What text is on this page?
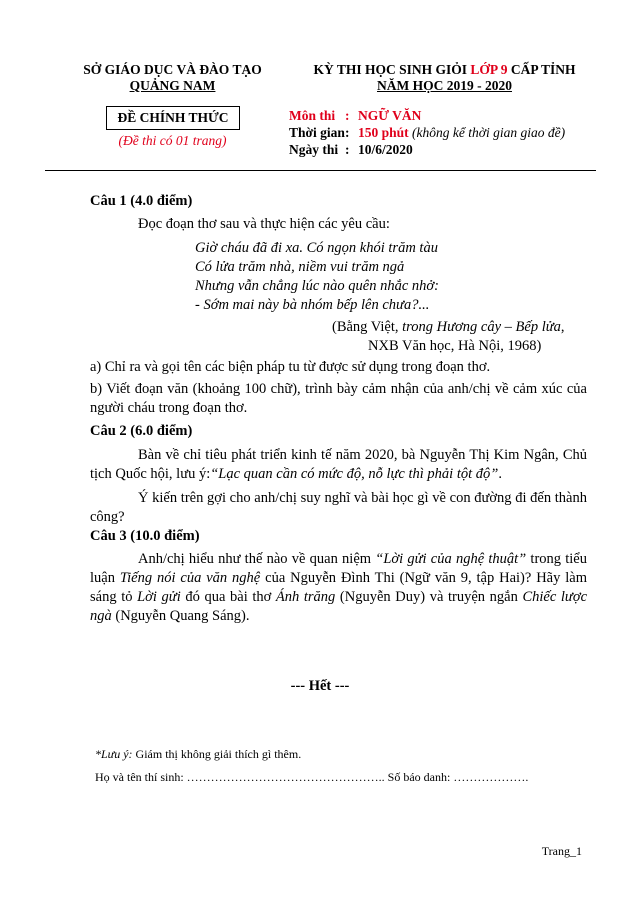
SỞ GIÁO DỤC VÀ ĐÀO TẠO
QUẢNG NAM
ĐỀ CHÍNH THỨC
(Đề thi có 01 trang)
KỲ THI HỌC SINH GIỎI LỚP 9 CẤP TỈNH
NĂM HỌC 2019 - 2020
Môn thi : NGỮ VĂN
Thời gian: 150 phút (không kể thời gian giao đề)
Ngày thi : 10/6/2020
Câu 1 (4.0 điểm)
Đọc đoạn thơ sau và thực hiện các yêu cầu:
Giờ cháu đã đi xa. Có ngọn khói trăm tàu
Có lửa trăm nhà, niềm vui trăm ngả
Nhưng vẫn chẳng lúc nào quên nhắc nhở:
- Sớm mai này bà nhóm bếp lên chưa?...
(Bằng Việt, trong Hương cây – Bếp lửa,
NXB Văn học, Hà Nội, 1968)
a) Chỉ ra và gọi tên các biện pháp tu từ được sử dụng trong đoạn thơ.
b) Viết đoạn văn (khoảng 100 chữ), trình bày cảm nhận của anh/chị về cảm xúc của người cháu trong đoạn thơ.
Câu 2 (6.0 điểm)
Bàn về chỉ tiêu phát triển kinh tế năm 2020, bà Nguyễn Thị Kim Ngân, Chủ tịch Quốc hội, lưu ý:“Lạc quan cần có mức độ, nỗ lực thì phải tột độ”.
Ý kiến trên gợi cho anh/chị suy nghĩ và bài học gì về con đường đi đến thành công?
Câu 3 (10.0 điểm)
Anh/chị hiểu như thế nào về quan niệm “Lời gửi của nghệ thuật” trong tiểu luận Tiếng nói của văn nghệ của Nguyễn Đình Thi (Ngữ văn 9, tập Hai)? Hãy làm sáng tỏ Lời gửi đó qua bài thơ Ánh trăng (Nguyễn Duy) và truyện ngắn Chiếc lược ngà (Nguyễn Quang Sáng).
--- Hết ---
*Lưu ý: Giám thị không giải thích gì thêm.
Họ và tên thí sinh: ………………………………………….. Số báo danh: ……………….
Trang_1
